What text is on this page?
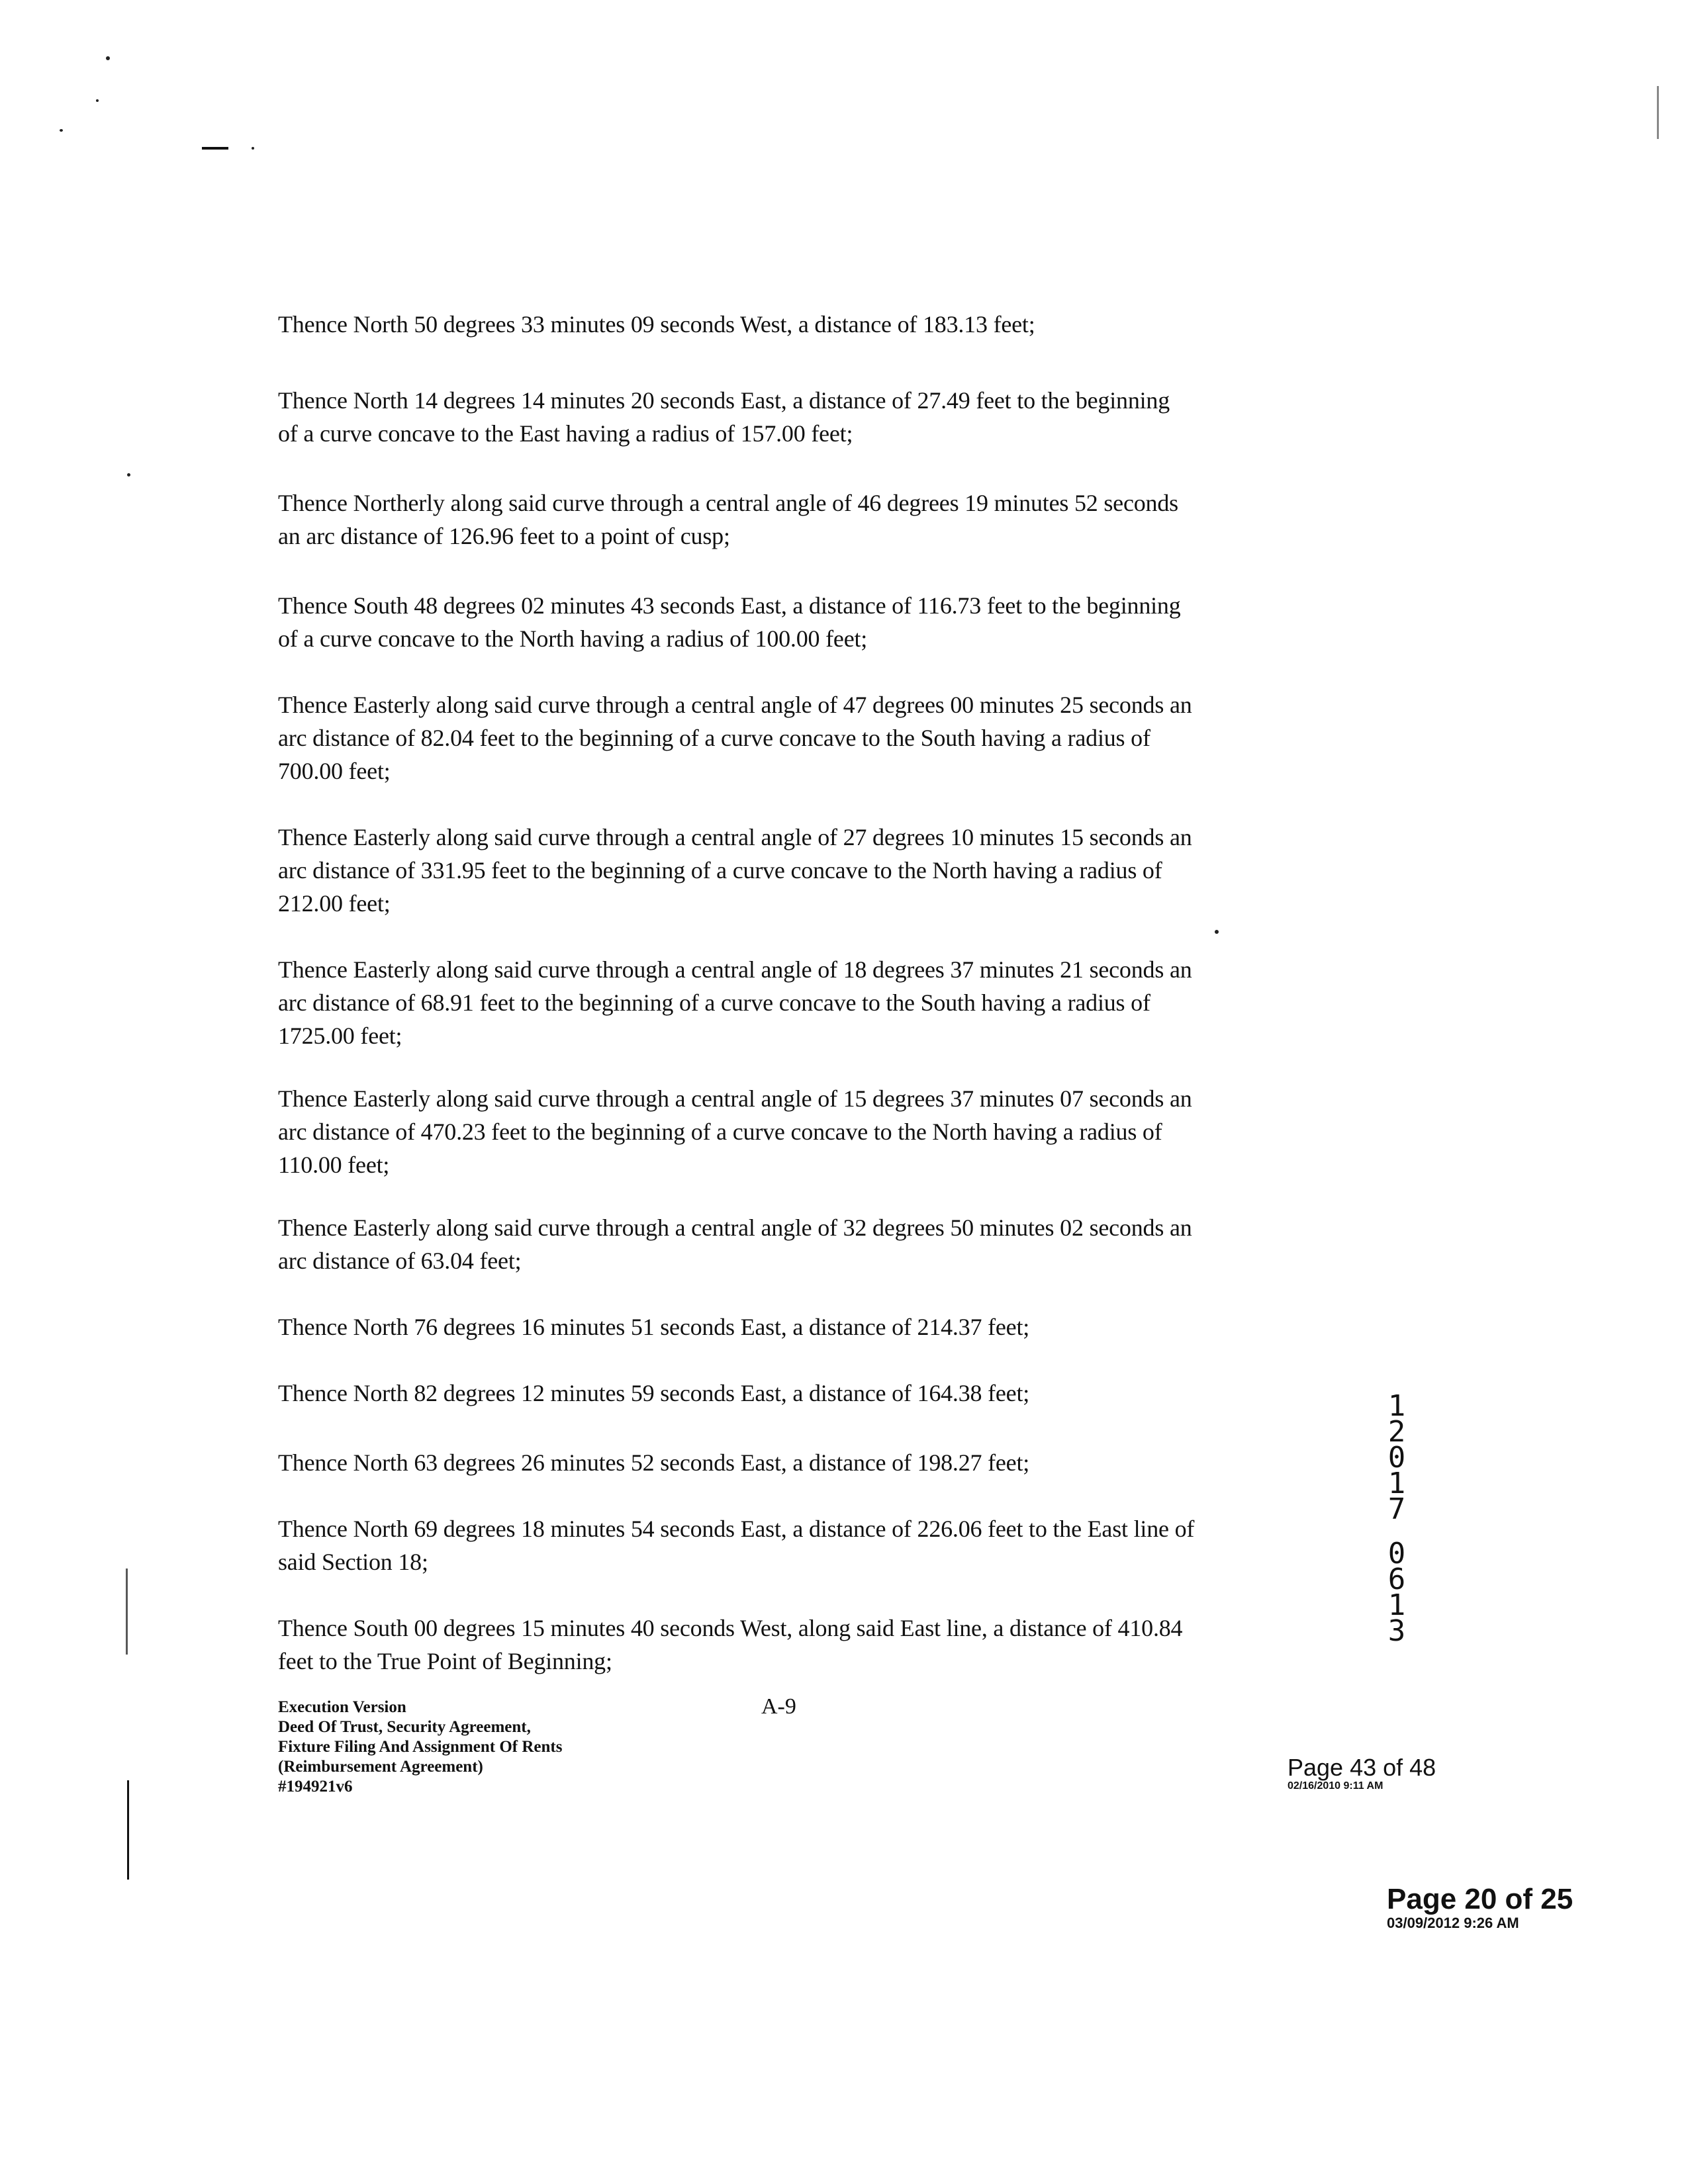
Thence North 50 degrees 33 minutes 09 seconds West, a distance of 183.13 feet;
Thence North 14 degrees 14 minutes 20 seconds East, a distance of 27.49 feet to the beginning
of a curve concave to the East having a radius of 157.00 feet;
Thence Northerly along said curve through a central angle of 46 degrees 19 minutes 52 seconds
an arc distance of 126.96 feet to a point of cusp;
Thence South 48 degrees 02 minutes 43 seconds East, a distance of 116.73 feet to the beginning
of a curve concave to the North having a radius of 100.00 feet;
Thence Easterly along said curve through a central angle of 47 degrees 00 minutes 25 seconds an
arc distance of 82.04 feet to the beginning of a curve concave to the South having a radius of
700.00 feet;
Thence Easterly along said curve through a central angle of 27 degrees 10 minutes 15 seconds an
arc distance of 331.95 feet to the beginning of a curve concave to the North having a radius of
212.00 feet;
Thence Easterly along said curve through a central angle of 18 degrees 37 minutes 21 seconds an
arc distance of 68.91 feet to the beginning of a curve concave to the South having a radius of
1725.00 feet;
Thence Easterly along said curve through a central angle of 15 degrees 37 minutes 07 seconds an
arc distance of 470.23 feet to the beginning of a curve concave to the North having a radius of
110.00 feet;
Thence Easterly along said curve through a central angle of 32 degrees 50 minutes 02 seconds an
arc distance of 63.04 feet;
Thence North 76 degrees 16 minutes 51 seconds East, a distance of 214.37 feet;
Thence North 82 degrees 12 minutes 59 seconds East, a distance of 164.38 feet;
Thence North 63 degrees 26 minutes 52 seconds East, a distance of 198.27 feet;
Thence North 69 degrees 18 minutes 54 seconds East, a distance of 226.06 feet to the East line of
said Section 18;
Thence South 00 degrees 15 minutes 40 seconds West, along said East line, a distance of 410.84
feet to the True Point of Beginning;
1
2
0
1
7
0
6
1
3
Execution Version
Deed Of Trust, Security Agreement,
Fixture Filing And Assignment Of Rents
(Reimbursement Agreement)
#194921v6
A-9
Page 43 of 48
02/16/2010 9:11 AM
Page 20 of 25
03/09/2012 9:26 AM
